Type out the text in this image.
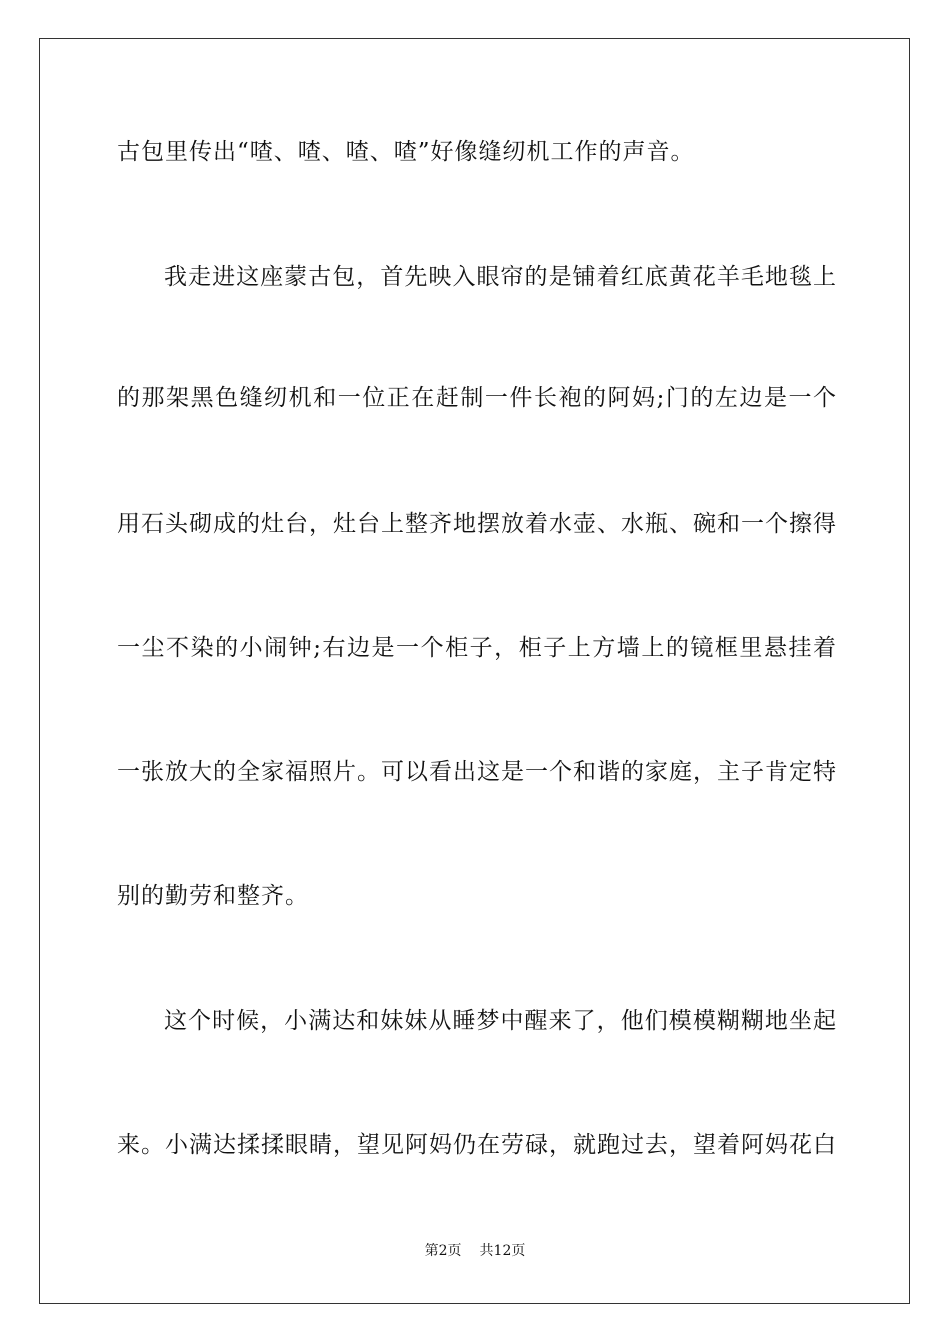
古包里传出“喳、喳、喳、喳”好像缝纫机工作的声音。
我走进这座蒙古包，首先映入眼帘的是铺着红底黄花羊毛地毯上
的那架黑色缝纫机和一位正在赶制一件长袍的阿妈;门的左边是一个
用石头砌成的灶台，灶台上整齐地摆放着水壶、水瓶、碗和一个擦得
一尘不染的小闹钟;右边是一个柜子，柜子上方墙上的镜框里悬挂着
一张放大的全家福照片。可以看出这是一个和谐的家庭，主子肯定特
别的勤劳和整齐。
这个时候，小满达和妹妹从睡梦中醒来了，他们模模糊糊地坐起
来。小满达揉揉眼睛，望见阿妈仍在劳碌，就跑过去，望着阿妈花白
第2页 共12页
